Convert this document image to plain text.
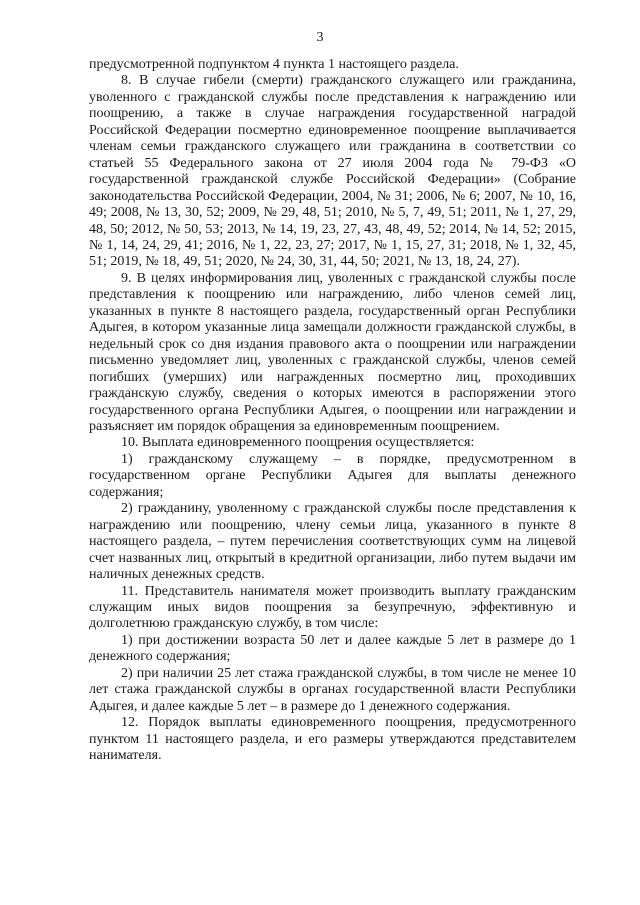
3

предусмотренной подпунктом 4 пункта 1 настоящего раздела.

8. В случае гибели (смерти) гражданского служащего или гражданина, уволенного с гражданской службы после представления к награждению или поощрению, а также в случае награждения государственной наградой Российской Федерации посмертно единовременное поощрение выплачивается членам семьи гражданского служащего или гражданина в соответствии со статьей 55 Федерального закона от 27 июля 2004 года № 79-ФЗ «О государственной гражданской службе Российской Федерации» (Собрание законодательства Российской Федерации, 2004, № 31; 2006, № 6; 2007, № 10, 16, 49; 2008, № 13, 30, 52; 2009, № 29, 48, 51; 2010, № 5, 7, 49, 51; 2011, № 1, 27, 29, 48, 50; 2012, № 50, 53; 2013, № 14, 19, 23, 27, 43, 48, 49, 52; 2014, № 14, 52; 2015, № 1, 14, 24, 29, 41; 2016, № 1, 22, 23, 27; 2017, № 1, 15, 27, 31; 2018, № 1, 32, 45, 51; 2019, № 18, 49, 51; 2020, № 24, 30, 31, 44, 50; 2021, № 13, 18, 24, 27).

9. В целях информирования лиц, уволенных с гражданской службы после представления к поощрению или награждению, либо членов семей лиц, указанных в пункте 8 настоящего раздела, государственный орган Республики Адыгея, в котором указанные лица замещали должности гражданской службы, в недельный срок со дня издания правового акта о поощрении или награждении письменно уведомляет лиц, уволенных с гражданской службы, членов семей погибших (умерших) или награжденных посмертно лиц, проходивших гражданскую службу, сведения о которых имеются в распоряжении этого государственного органа Республики Адыгея, о поощрении или награждении и разъясняет им порядок обращения за единовременным поощрением.

10. Выплата единовременного поощрения осуществляется:

1) гражданскому служащему – в порядке, предусмотренном в государственном органе Республики Адыгея для выплаты денежного содержания;

2) гражданину, уволенному с гражданской службы после представления к награждению или поощрению, члену семьи лица, указанного в пункте 8 настоящего раздела, – путем перечисления соответствующих сумм на лицевой счет названных лиц, открытый в кредитной организации, либо путем выдачи им наличных денежных средств.

11. Представитель нанимателя может производить выплату гражданским служащим иных видов поощрения за безупречную, эффективную и долголетнюю гражданскую службу, в том числе:

1) при достижении возраста 50 лет и далее каждые 5 лет в размере до 1 денежного содержания;

2) при наличии 25 лет стажа гражданской службы, в том числе не менее 10 лет стажа гражданской службы в органах государственной власти Республики Адыгея, и далее каждые 5 лет – в размере до 1 денежного содержания.

12. Порядок выплаты единовременного поощрения, предусмотренного пунктом 11 настоящего раздела, и его размеры утверждаются представителем нанимателя.
